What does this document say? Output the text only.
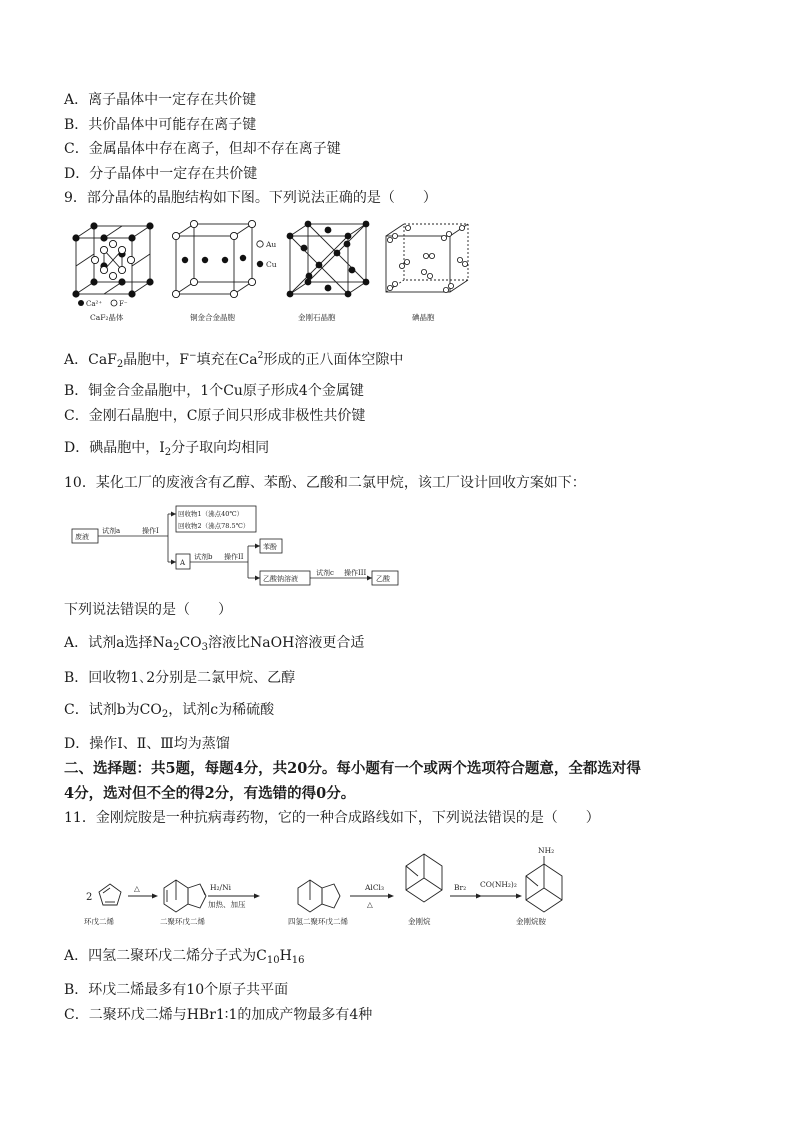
A．离子晶体中一定存在共价键
B．共价晶体中可能存在离子键
C．金属晶体中存在离子，但却不存在离子键
D．分子晶体中一定存在共价键
9．部分晶体的晶胞结构如下图。下列说法正确的是（　　）
Ca²⁺ F⁻
CaF₂晶体
Au
Cu
铜金合金晶胞	金刚石晶胞	碘晶胞
A．CaF$_2$晶胞中，F−填充在Ca$^2$形成的正八面体空隙中
B．铜金合金晶胞中，1个Cu原子形成4个金属键
C．金刚石晶胞中，C原子间只形成非极性共价键
D．碘晶胞中，$I_2$分子取向均相同
10．某化工厂的废液含有乙醇、苯酚、乙酸和二氯甲烷，该工厂设计回收方案如下：
废液
试剂a	操作I
回收物1（沸点40℃）
回收物2（沸点78.5℃）
A
试剂b 操作II
苯酚
乙酸钠溶液
试剂c 操作III
乙酸
下列说法错误的是（　　）
A．试剂a选择$Na_2CO_3$溶液比NaOH溶液更合适
B．回收物1､2分别是二氯甲烷、乙醇
C．试剂b为$CO_2$，试剂c为稀硫酸
D．操作Ⅰ、Ⅱ、Ⅲ均为蒸馏
二、选择题：共5题，每题4分，共20分。每小题有一个或两个选项符合题意，全都选对得
4分，选对但不全的得2分，有选错的得0分。
11．金刚烷胺是一种抗病毒药物，它的一种合成路线如下，下列说法错误的是（　　）
2
△	H₂/Ni
加热、加压
AlCl₃
△
Br₂ CO(NH₂)₂
NH₂
环戊二烯	二聚环戊二烯	四氢二聚环戊二烯	金刚烷	金刚烷胺
A．四氢二聚环戊二烯分子式为$C_{10}H_{16}$
B．环戊二烯最多有10个原子共平面
C．二聚环戊二烯与HBr1∶1的加成产物最多有4种
